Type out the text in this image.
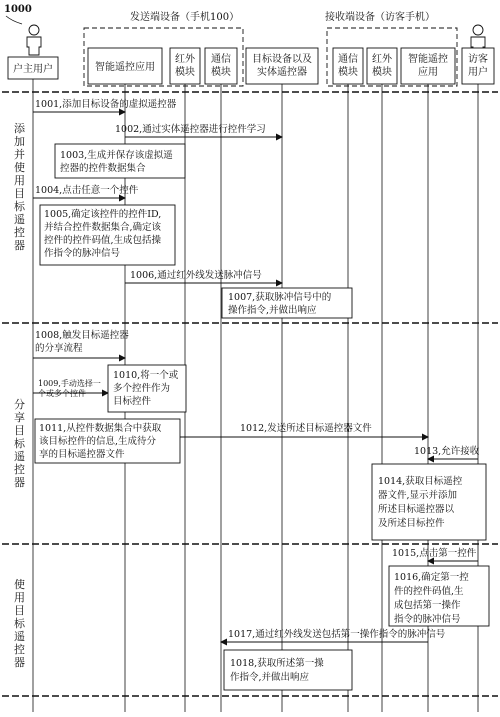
1000
发送端设备（手机100）	接收端设备（访客手机）
户主用户	智能遥控应用
红外模块
通信模块
目标设备以及实体遥控器
通信模块
红外模块
智能遥控应用
访客用户
添加并使用目标遥控器
分享目标遥控器
使用目标遥控器
1001,添加目标设备的虚拟遥控器
1002,通过实体遥控器进行控件学习
1003,生成并保存该虚拟遥控器的控件数据集合
1004,点击任意一个控件
1005,确定该控件的控件ID,并结合控件数据集合,确定该控件的控件码值,生成包括操作指令的脉冲信号
1006,通过红外线发送脉冲信号
1007,获取脉冲信号中的操作指令,并做出响应
1008,触发目标遥控器的分享流程
1009,手动选择一个或多个控件
1010,将一个或多个控件作为目标控件
1011,从控件数据集合中获取该目标控件的信息,生成待分享的目标遥控器文件
1012,发送所述目标遥控器文件
1013,允许接收
1014,获取目标遥控器文件,显示并添加所述目标遥控器以及所述目标控件
1015,点击第一控件
1016,确定第一控件的控件码值,生成包括第一操作指令的脉冲信号
1017,通过红外线发送包括第一操作指令的脉冲信号
1018,获取所述第一操作指令,并做出响应
